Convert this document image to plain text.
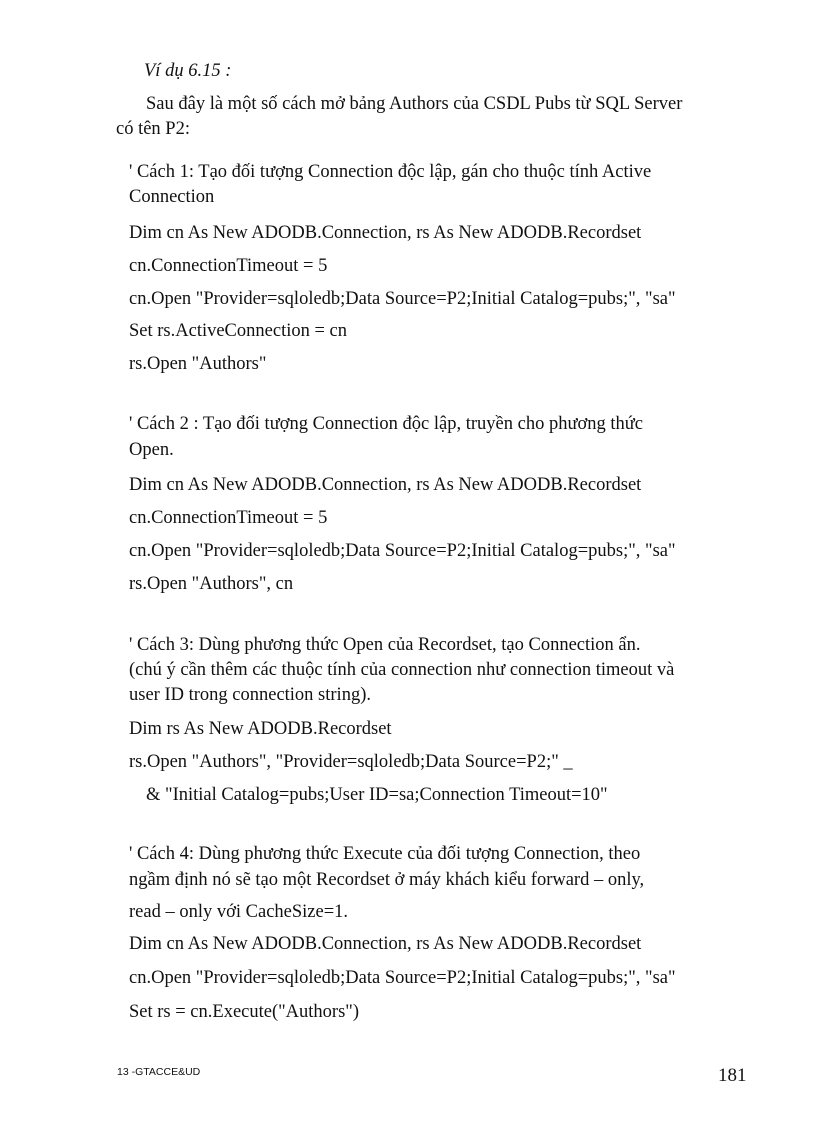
Ví dụ 6.15 :
Sau đây là một số cách mở bảng Authors của CSDL Pubs từ SQL Server
có tên P2:
' Cách 1: Tạo đối tượng Connection độc lập, gán cho thuộc tính Active
Connection
Dim cn As New ADODB.Connection, rs As New ADODB.Recordset
cn.ConnectionTimeout = 5
cn.Open "Provider=sqloledb;Data Source=P2;Initial Catalog=pubs;", "sa"
Set rs.ActiveConnection = cn
rs.Open "Authors"
' Cách 2 : Tạo đối tượng Connection độc lập, truyền cho phương thức
Open.
Dim cn As New ADODB.Connection, rs As New ADODB.Recordset
cn.ConnectionTimeout = 5
cn.Open "Provider=sqloledb;Data Source=P2;Initial Catalog=pubs;", "sa"
rs.Open "Authors", cn
' Cách 3: Dùng phương thức Open của Recordset, tạo Connection ẩn.
(chú ý cần thêm các thuộc tính của connection như connection timeout và
user ID trong connection string).
Dim rs As New ADODB.Recordset
rs.Open "Authors", "Provider=sqloledb;Data Source=P2;" _
& "Initial Catalog=pubs;User ID=sa;Connection Timeout=10"
' Cách 4: Dùng phương thức Execute của đối tượng Connection, theo
ngầm định nó sẽ tạo một Recordset ở máy khách kiểu forward – only,
read – only với CacheSize=1.
Dim cn As New ADODB.Connection, rs As New ADODB.Recordset
cn.Open "Provider=sqloledb;Data Source=P2;Initial Catalog=pubs;", "sa"
Set rs = cn.Execute("Authors")
13 -GTACCE&UD	181
